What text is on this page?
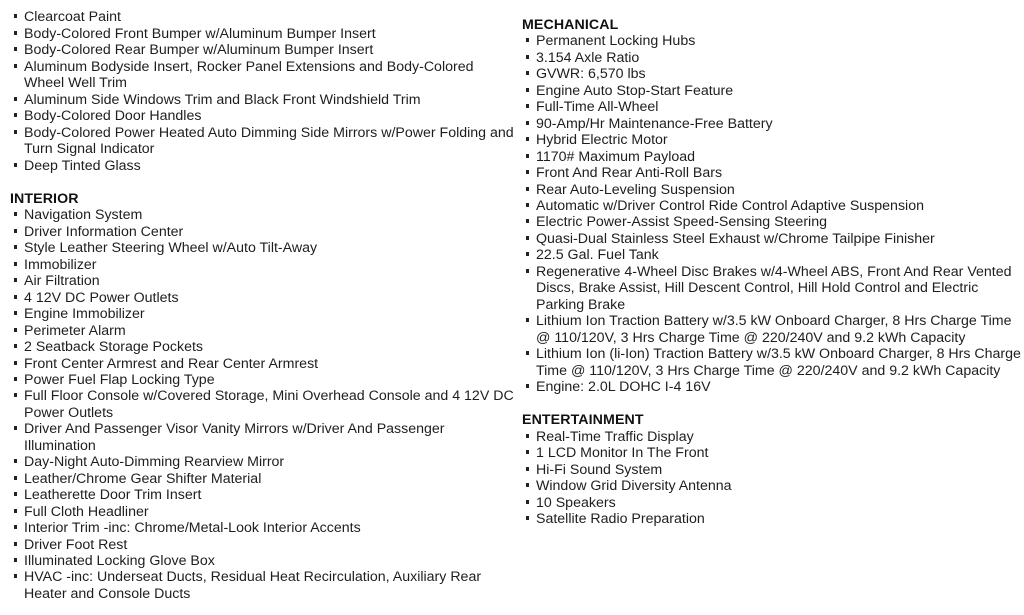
Clearcoat Paint
Body-Colored Front Bumper w/Aluminum Bumper Insert
Body-Colored Rear Bumper w/Aluminum Bumper Insert
Aluminum Bodyside Insert, Rocker Panel Extensions and Body-Colored Wheel Well Trim
Aluminum Side Windows Trim and Black Front Windshield Trim
Body-Colored Door Handles
Body-Colored Power Heated Auto Dimming Side Mirrors w/Power Folding and Turn Signal Indicator
Deep Tinted Glass
INTERIOR
Navigation System
Driver Information Center
Style Leather Steering Wheel w/Auto Tilt-Away
Immobilizer
Air Filtration
4 12V DC Power Outlets
Engine Immobilizer
Perimeter Alarm
2 Seatback Storage Pockets
Front Center Armrest and Rear Center Armrest
Power Fuel Flap Locking Type
Full Floor Console w/Covered Storage, Mini Overhead Console and 4 12V DC Power Outlets
Driver And Passenger Visor Vanity Mirrors w/Driver And Passenger Illumination
Day-Night Auto-Dimming Rearview Mirror
Leather/Chrome Gear Shifter Material
Leatherette Door Trim Insert
Full Cloth Headliner
Interior Trim -inc: Chrome/Metal-Look Interior Accents
Driver Foot Rest
Illuminated Locking Glove Box
HVAC -inc: Underseat Ducts, Residual Heat Recirculation, Auxiliary Rear Heater and Console Ducts
MECHANICAL
Permanent Locking Hubs
3.154 Axle Ratio
GVWR: 6,570 lbs
Engine Auto Stop-Start Feature
Full-Time All-Wheel
90-Amp/Hr Maintenance-Free Battery
Hybrid Electric Motor
1170# Maximum Payload
Front And Rear Anti-Roll Bars
Rear Auto-Leveling Suspension
Automatic w/Driver Control Ride Control Adaptive Suspension
Electric Power-Assist Speed-Sensing Steering
Quasi-Dual Stainless Steel Exhaust w/Chrome Tailpipe Finisher
22.5 Gal. Fuel Tank
Regenerative 4-Wheel Disc Brakes w/4-Wheel ABS, Front And Rear Vented Discs, Brake Assist, Hill Descent Control, Hill Hold Control and Electric Parking Brake
Lithium Ion Traction Battery w/3.5 kW Onboard Charger, 8 Hrs Charge Time @ 110/120V, 3 Hrs Charge Time @ 220/240V and 9.2 kWh Capacity
Lithium Ion (li-Ion) Traction Battery w/3.5 kW Onboard Charger, 8 Hrs Charge Time @ 110/120V, 3 Hrs Charge Time @ 220/240V and 9.2 kWh Capacity
Engine: 2.0L DOHC I-4 16V
ENTERTAINMENT
Real-Time Traffic Display
1 LCD Monitor In The Front
Hi-Fi Sound System
Window Grid Diversity Antenna
10 Speakers
Satellite Radio Preparation
